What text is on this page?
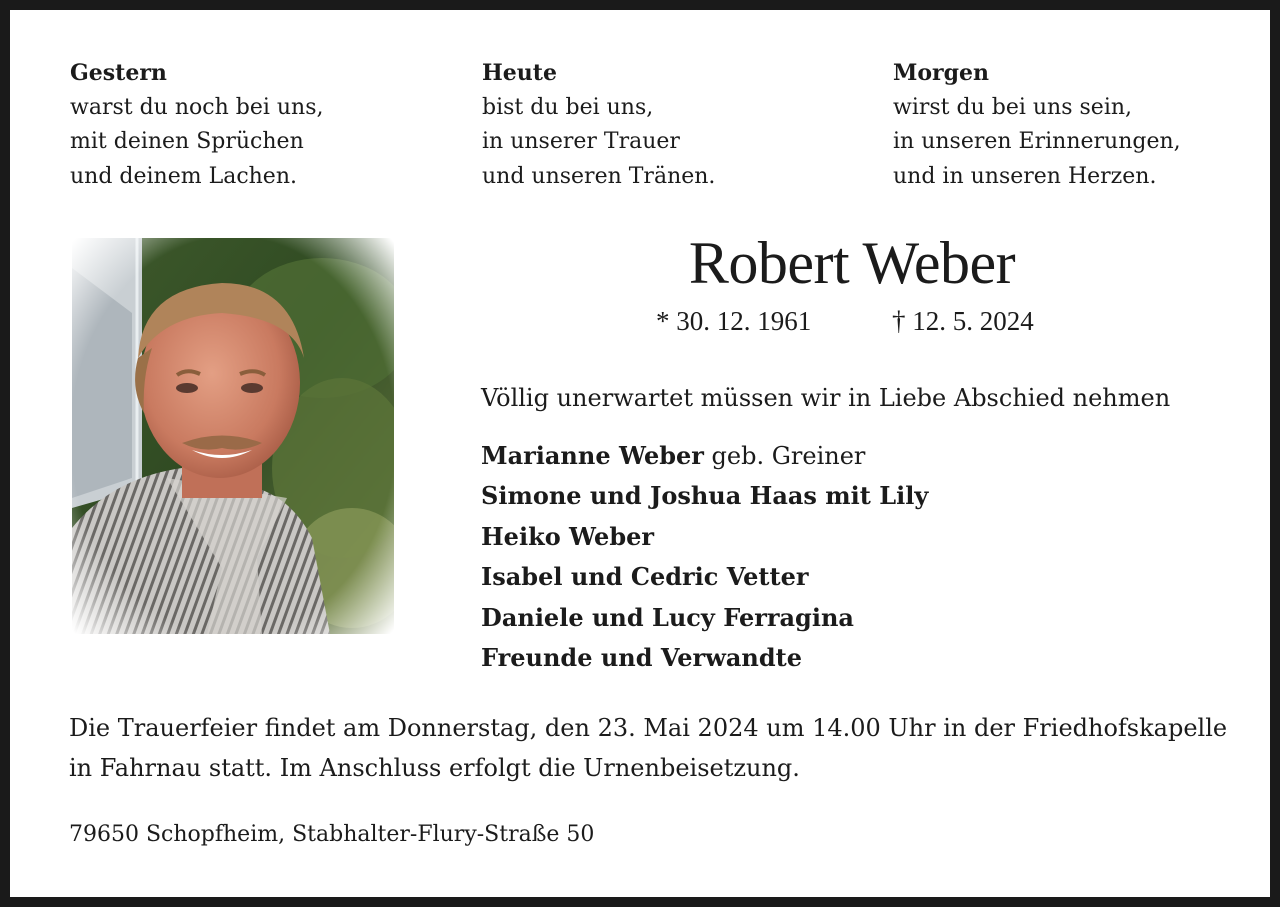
Gestern
warst du noch bei uns,
mit deinen Sprüchen
und deinem Lachen.
Heute
bist du bei uns,
in unserer Trauer
und unseren Tränen.
Morgen
wirst du bei uns sein,
in unseren Erinnerungen,
und in unseren Herzen.
Robert Weber
* 30. 12. 1961	† 12. 5. 2024
Völlig unerwartet müssen wir in Liebe Abschied nehmen
Marianne Weber geb. Greiner
Simone und Joshua Haas mit Lily
Heiko Weber
Isabel und Cedric Vetter
Daniele und Lucy Ferragina
Freunde und Verwandte
Die Trauerfeier findet am Donnerstag, den 23. Mai 2024 um 14.00 Uhr in der Friedhofskapelle
in Fahrnau statt. Im Anschluss erfolgt die Urnenbeisetzung.
79650 Schopfheim, Stabhalter-Flury-Straße 50
